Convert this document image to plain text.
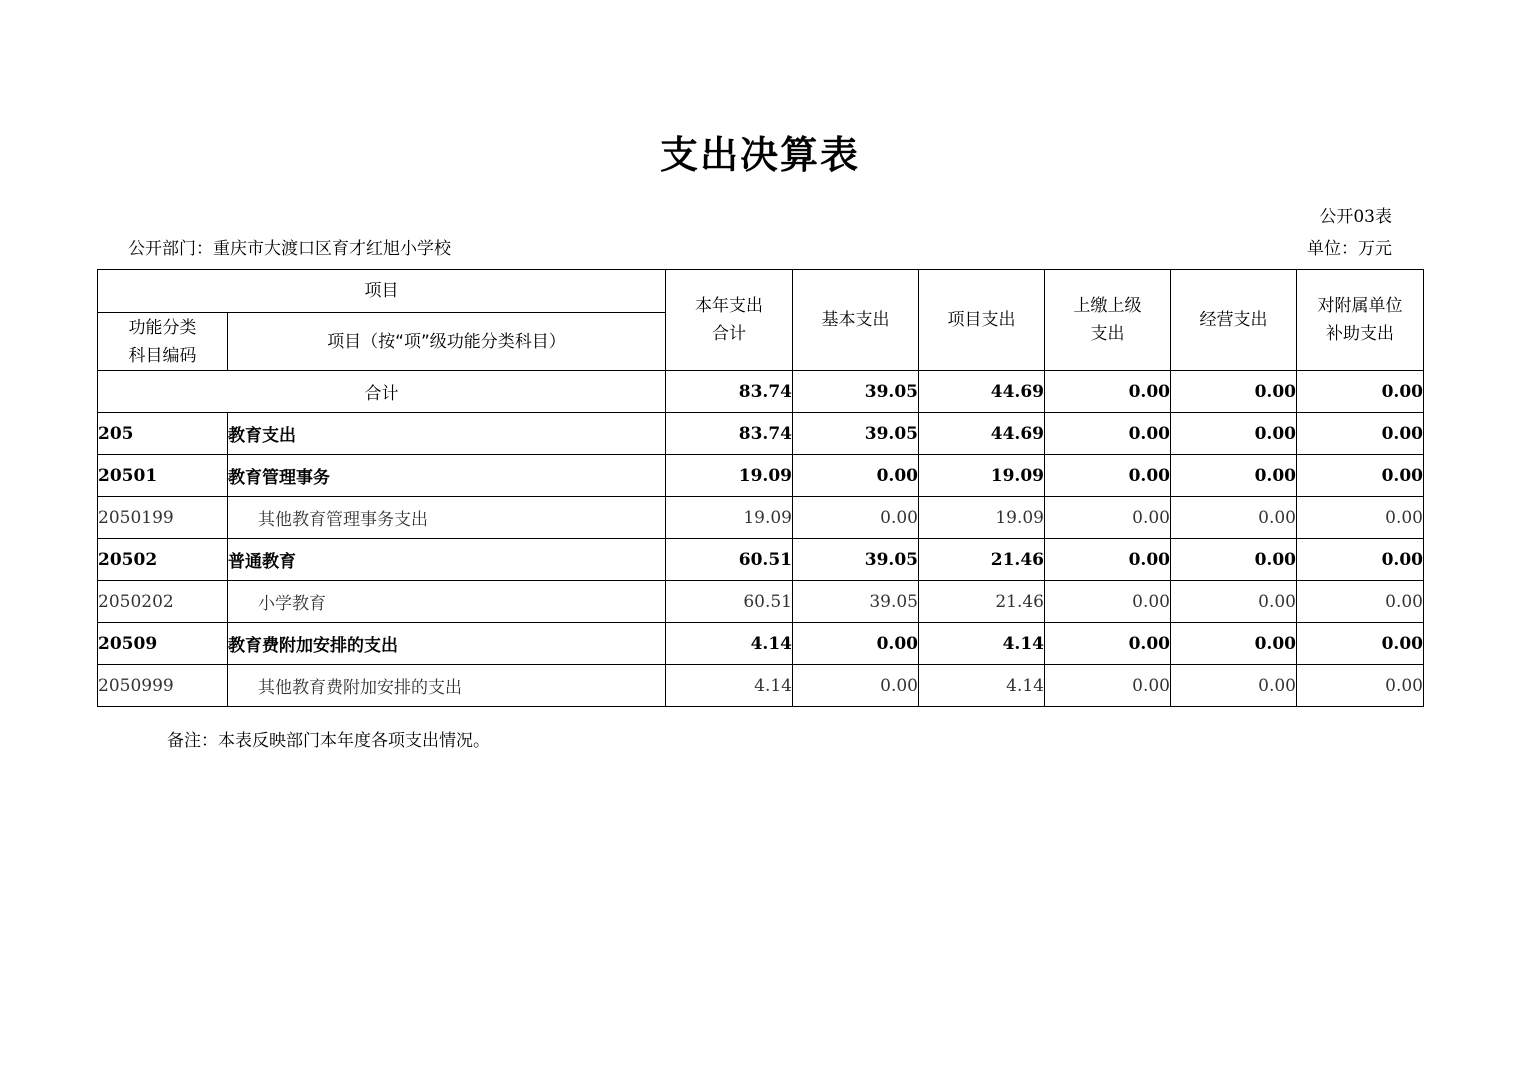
支出决算表
公开03表
公开部门：重庆市大渡口区育才红旭小学校	单位：万元
项目		本年支出合计	基本支出	项目支出	上缴上级支出	经营支出	对附属单位补助支出

功能分类科目编码	项目（按“项”级功能分类科目）						

合计		83.74	39.05	44.69	0.00	0.00	0.00
205	教育支出	83.74	39.05	44.69	0.00	0.00	0.00
20501	教育管理事务	19.09	0.00	19.09	0.00	0.00	0.00
2050199	其他教育管理事务支出	19.09	0.00	19.09	0.00	0.00	0.00
20502	普通教育	60.51	39.05	21.46	0.00	0.00	0.00
2050202	小学教育	60.51	39.05	21.46	0.00	0.00	0.00
20509	教育费附加安排的支出	4.14	0.00	4.14	0.00	0.00	0.00
2050999	其他教育费附加安排的支出	4.14	0.00	4.14	0.00	0.00	0.00
备注：本表反映部门本年度各项支出情况。
